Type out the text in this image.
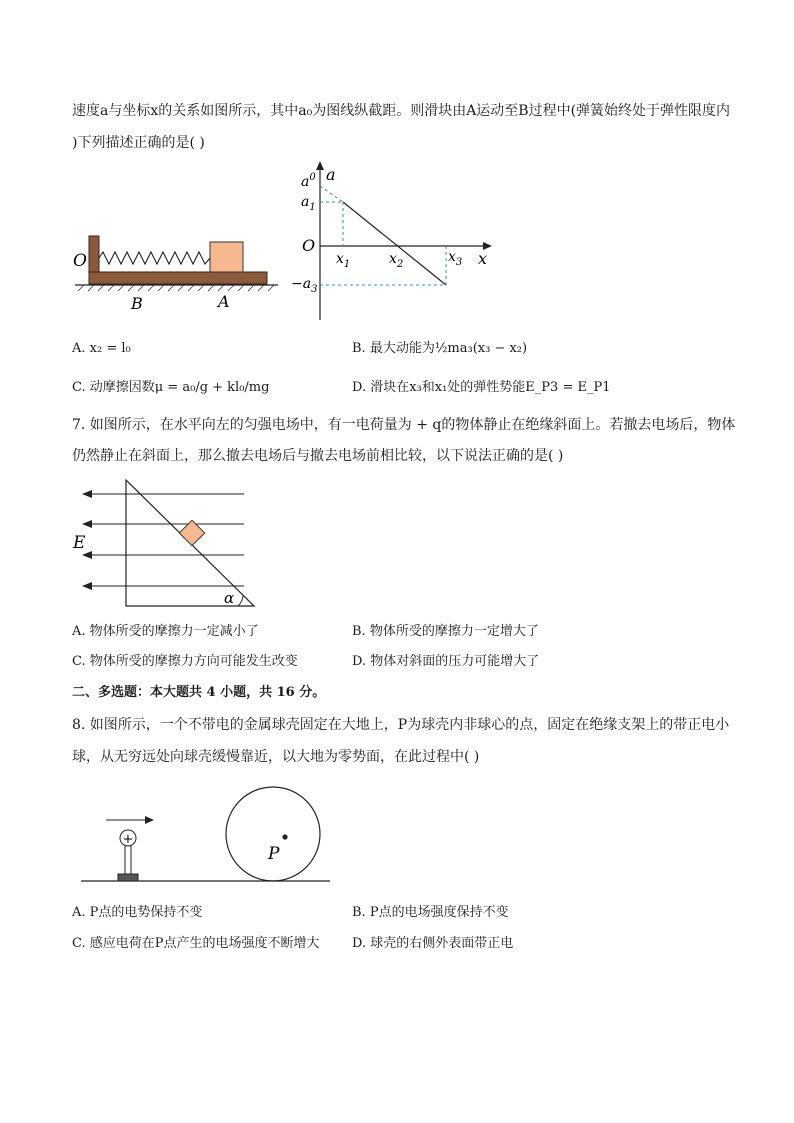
速度a与坐标x的关系如图所示，其中a₀为图线纵截距。则滑块由A运动至B过程中(弹簧始终处于弹性限度内
)下列描述正确的是( )
O
B	A
a
x
O
$a^0$
$a_1$
$-a_3$
$x_1$	$x_2$	$x_3$
A. x₂ = l₀	B. 最大动能为½ma₃(x₃ − x₂)
C. 动摩擦因数μ = a₀/g + kl₀/mg	D. 滑块在x₃和x₁处的弹性势能E_P3 = E_P1
7. 如图所示，在水平向左的匀强电场中，有一电荷量为 + q的物体静止在绝缘斜面上。若撤去电场后，物体
仍然静止在斜面上，那么撤去电场后与撤去电场前相比较，以下说法正确的是( )
α
E
A. 物体所受的摩擦力一定减小了	B. 物体所受的摩擦力一定增大了
C. 物体所受的摩擦力方向可能发生改变	D. 物体对斜面的压力可能增大了
二、多选题：本大题共 4 小题，共 16 分。
8. 如图所示，一个不带电的金属球壳固定在大地上，P为球壳内非球心的点，固定在绝缘支架上的带正电小
球，从无穷远处向球壳缓慢靠近，以大地为零势面，在此过程中( )
+
P
A. P点的电势保持不变	B. P点的电场强度保持不变
C. 感应电荷在P点产生的电场强度不断增大	D. 球壳的右侧外表面带正电
